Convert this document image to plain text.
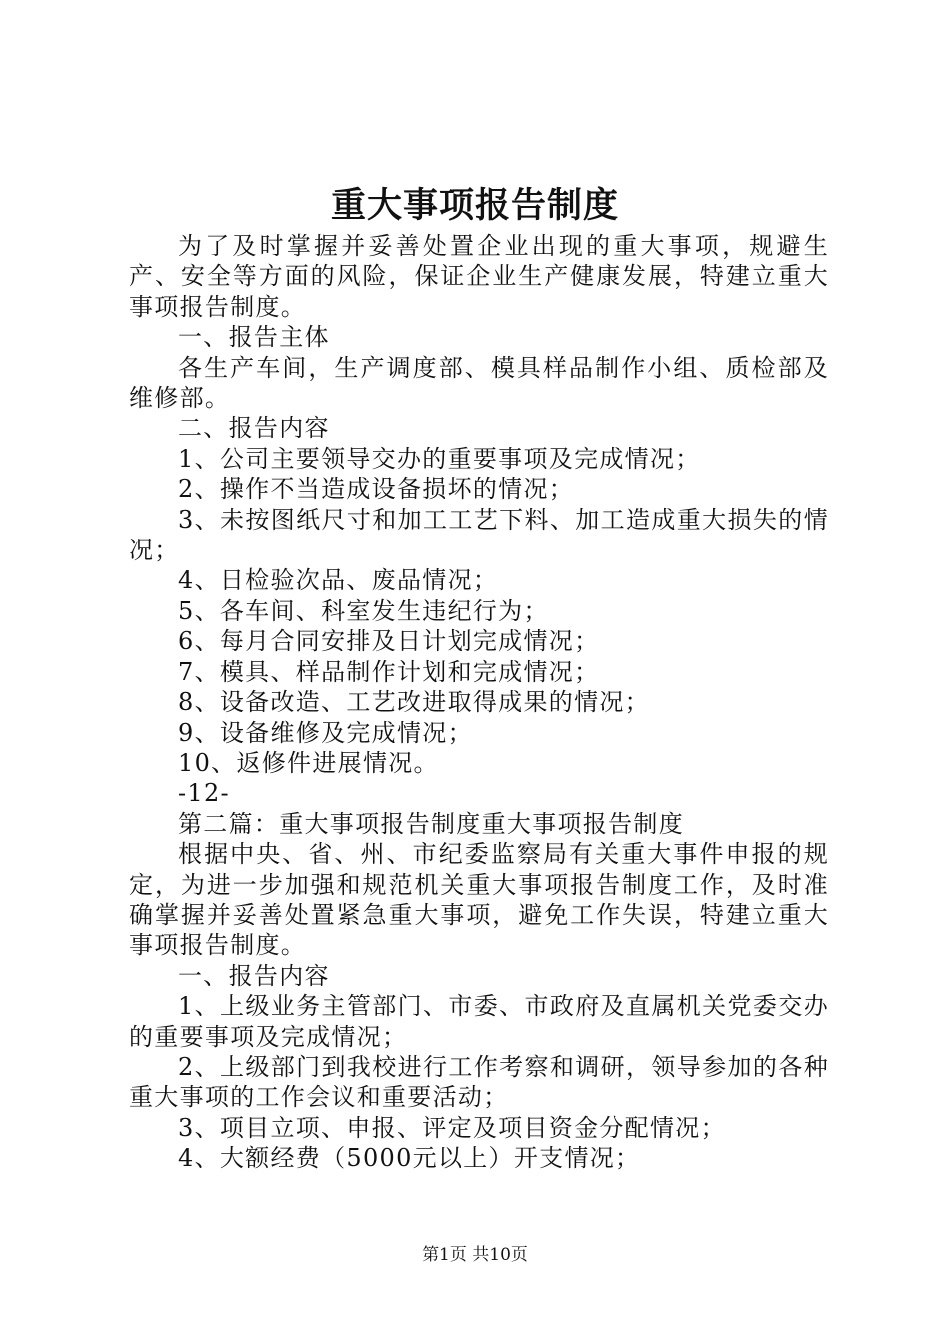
重大事项报告制度

为了及时掌握并妥善处置企业出现的重大事项，规避生产、安全等方面的风险，保证企业生产健康发展，特建立重大事项报告制度。

一、报告主体

各生产车间，生产调度部、模具样品制作小组、质检部及维修部。

二、报告内容

1、公司主要领导交办的重要事项及完成情况；

2、操作不当造成设备损坏的情况；

3、未按图纸尺寸和加工工艺下料、加工造成重大损失的情况；

4、日检验次品、废品情况；

5、各车间、科室发生违纪行为；

6、每月合同安排及日计划完成情况；

7、模具、样品制作计划和完成情况；

8、设备改造、工艺改进取得成果的情况；

9、设备维修及完成情况；

10、返修件进展情况。

-12-

第二篇：重大事项报告制度重大事项报告制度

根据中央、省、州、市纪委监察局有关重大事件申报的规定，为进一步加强和规范机关重大事项报告制度工作，及时准确掌握并妥善处置紧急重大事项，避免工作失误，特建立重大事项报告制度。

一、报告内容

1、上级业务主管部门、市委、市政府及直属机关党委交办的重要事项及完成情况；

2、上级部门到我校进行工作考察和调研，领导参加的各种重大事项的工作会议和重要活动；

3、项目立项、申报、评定及项目资金分配情况；

4、大额经费（5000元以上）开支情况；

第1页 共10页
